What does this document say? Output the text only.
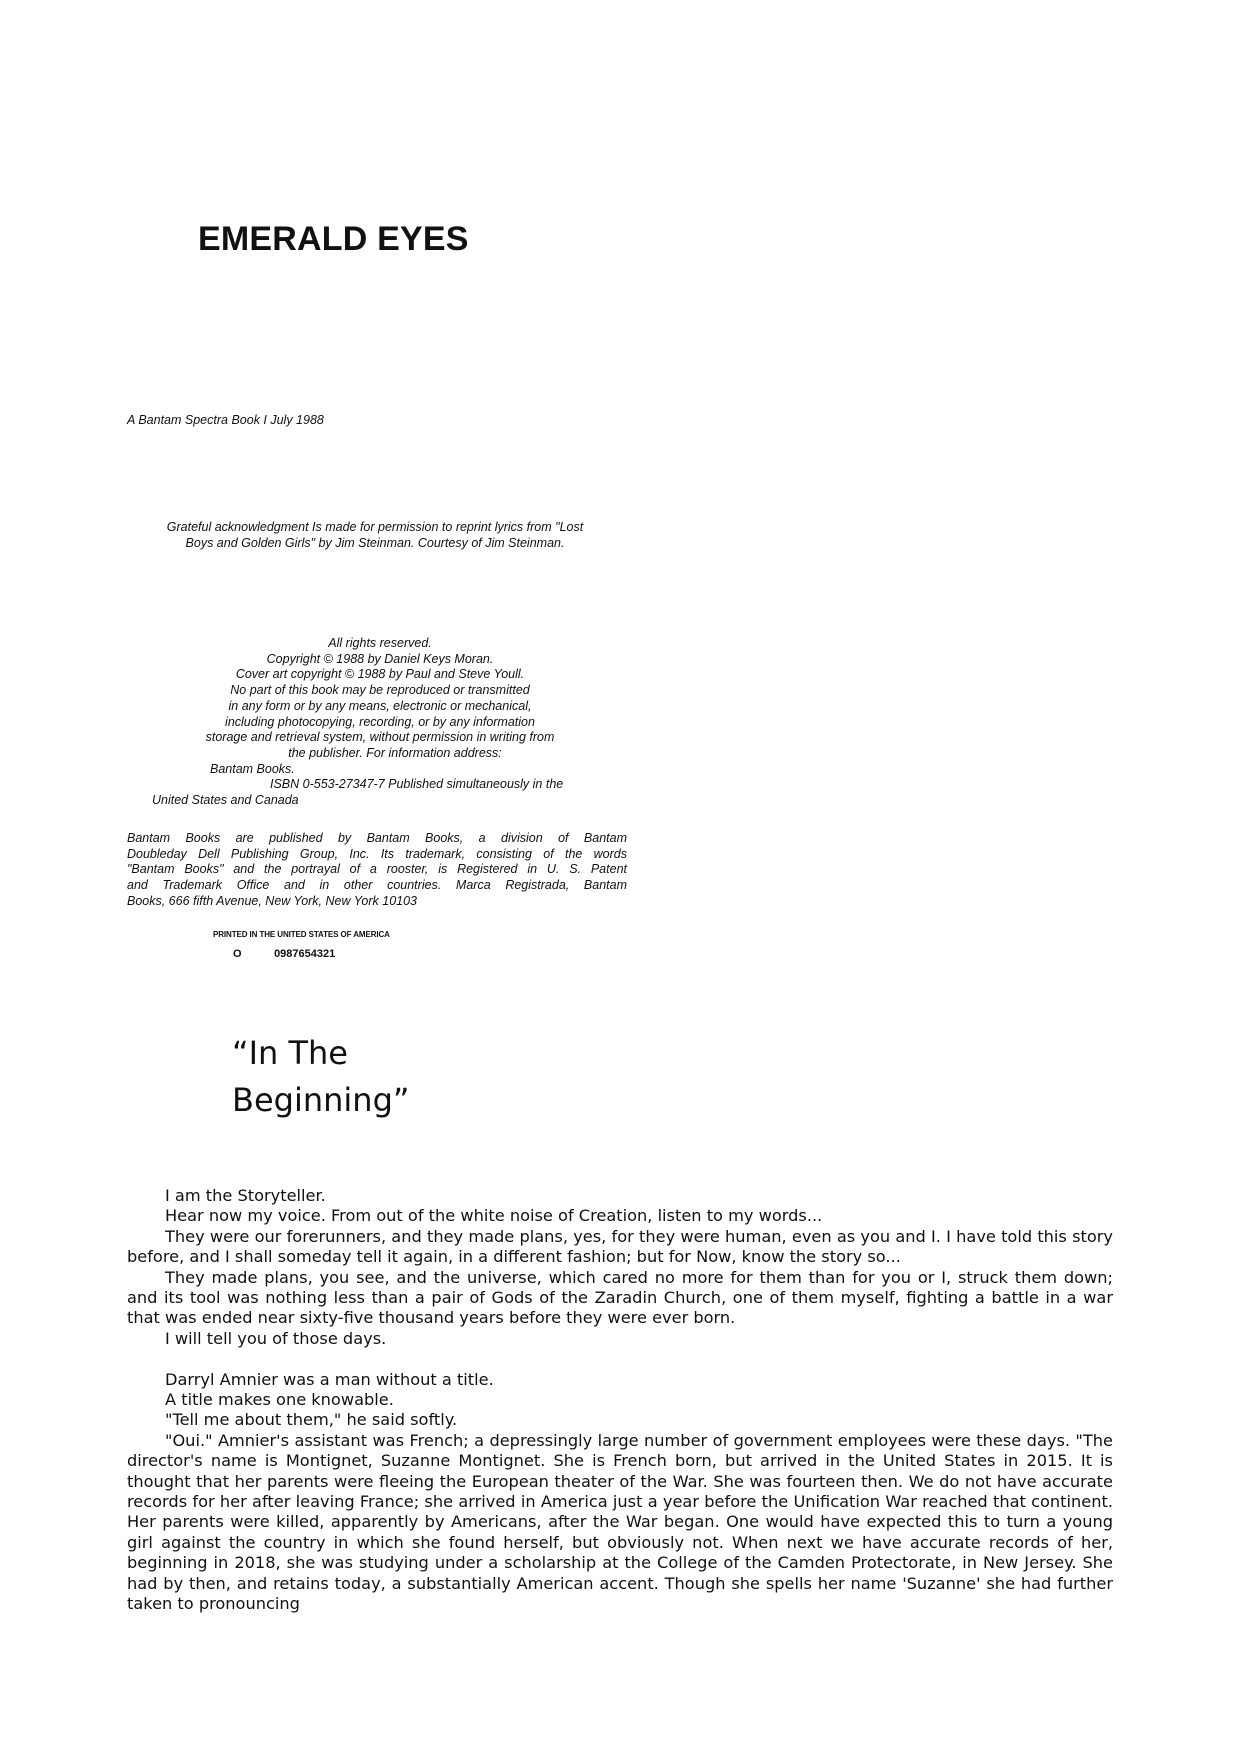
EMERALD EYES
A Bantam Spectra Book I July 1988
Grateful acknowledgment Is made for permission to reprint lyrics from "Lost Boys and Golden Girls" by Jim Steinman. Courtesy of Jim Steinman.
All rights reserved.
Copyright © 1988 by Daniel Keys Moran.
Cover art copyright © 1988 by Paul and Steve Youll.
No part of this book may be reproduced or transmitted
in any form or by any means, electronic or mechanical,
including photocopying, recording, or by any information
storage and retrieval system, without permission in writing from
the publisher. For information address:
Bantam Books.
ISBN 0-553-27347-7 Published simultaneously in the
United States and Canada
Bantam Books are published by Bantam Books, a division of Bantam
Doubleday Dell Publishing Group, Inc. Its trademark, consisting of the words
"Bantam Books" and the portrayal of a rooster, is Registered in U. S. Patent
and Trademark Office and in other countries. Marca Registrada, Bantam
Books, 666 fifth Avenue, New York, New York 10103
PRINTED IN THE UNITED STATES OF AMERICA
O	0987654321
“In The
Beginning”

I am the Storyteller.

Hear now my voice. From out of the white noise of Creation, listen to my words...

They were our forerunners, and they made plans, yes, for they were human, even as you and I. I have told this story before, and I shall someday tell it again, in a different fashion; but for Now, know the story so...

They made plans, you see, and the universe, which cared no more for them than for you or I, struck them down; and its tool was nothing less than a pair of Gods of the Zaradin Church, one of them myself, fighting a battle in a war that was ended near sixty-five thousand years before they were ever born.

I will tell you of those days.

Darryl Amnier was a man without a title.

A title makes one knowable.

"Tell me about them," he said softly.

"Oui." Amnier's assistant was French; a depressingly large number of government employees were these days. "The director's name is Montignet, Suzanne Montignet. She is French born, but arrived in the United States in 2015. It is thought that her parents were fleeing the European theater of the War. She was fourteen then. We do not have accurate records for her after leaving France; she arrived in America just a year before the Unification War reached that continent. Her parents were killed, apparently by Americans, after the War began. One would have expected this to turn a young girl against the country in which she found herself, but obviously not. When next we have accurate records of her, beginning in 2018, she was studying under a scholarship at the College of the Camden Protectorate, in New Jersey. She had by then, and retains today, a substantially American accent. Though she spells her name 'Suzanne' she had further taken to pronouncing
